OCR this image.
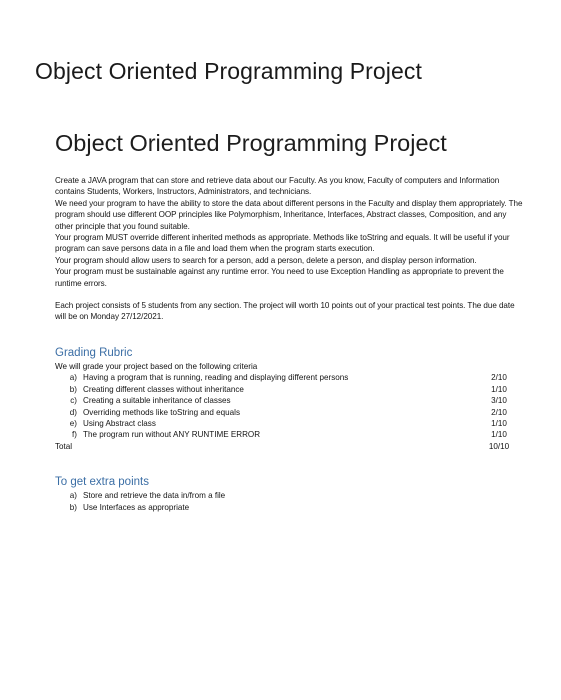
Object Oriented Programming Project
Object Oriented Programming Project

Create a JAVA program that can store and retrieve data about our Faculty. As you know, Faculty of computers and Information contains Students, Workers, Instructors, Administrators, and technicians.

We need your program to have the ability to store the data about different persons in the Faculty and display them appropriately. The program should use different OOP principles like Polymorphism, Inheritance, Interfaces, Abstract classes, Composition, and any other principle that you found suitable.

Your program MUST override different inherited methods as appropriate. Methods like toString and equals. It will be useful if your program can save persons data in a file and load them when the program starts execution.

Your program should allow users to search for a person, add a person, delete a person, and display person information.

Your program must be sustainable against any runtime error. You need to use Exception Handling as appropriate to prevent the runtime errors.

Each project consists of 5 students from any section. The project will worth 10 points out of your practical test points. The due date will be on Monday 27/12/2021.

Grading Rubric

We will grade your project based on the following criteria

a) Having a program that is running, reading and displaying different persons	2/10
b) Creating different classes without inheritance	1/10
c) Creating a suitable inheritance of classes	3/10
d) Overriding methods like toString and equals	2/10
e) Using Abstract class	1/10
f) The program run without ANY RUNTIME ERROR	1/10
Total	10/10
To get extra points
a) Store and retrieve the data in/from a file
b) Use Interfaces as appropriate
